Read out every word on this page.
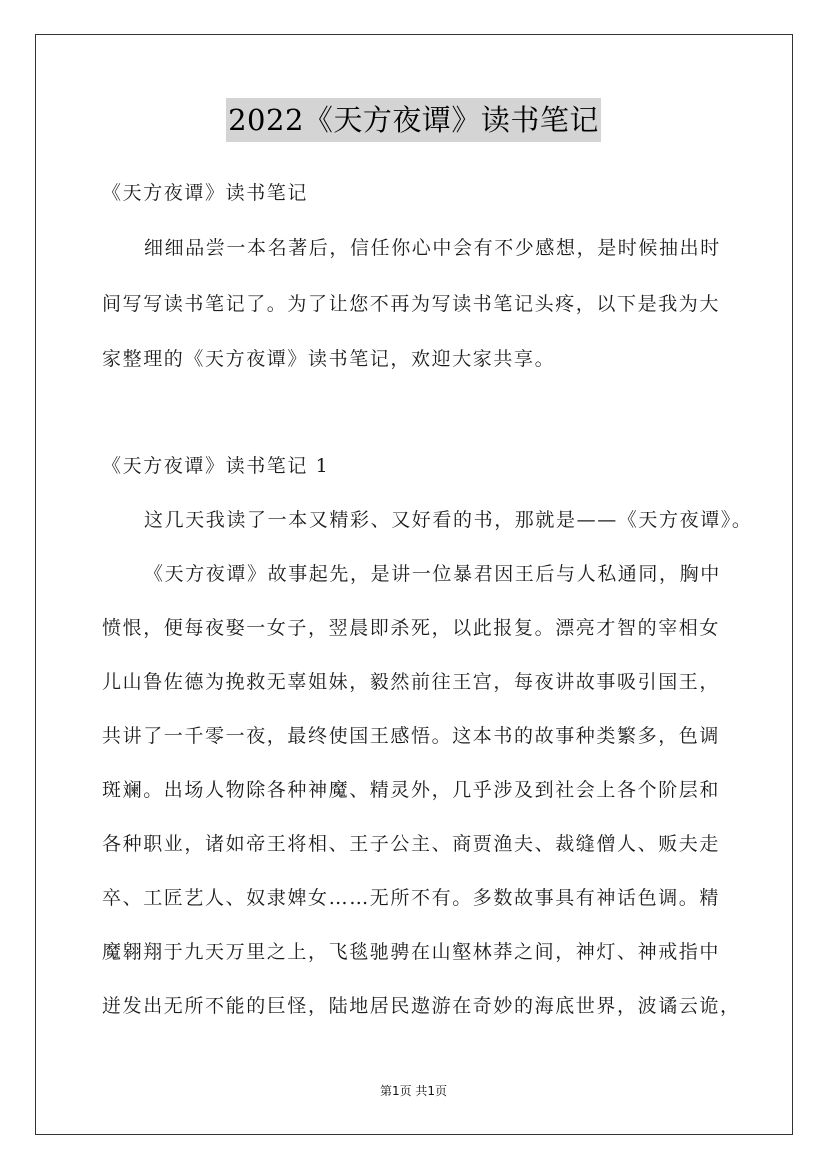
2022《天方夜谭》读书笔记
《天方夜谭》读书笔记
细细品尝一本名著后，信任你心中会有不少感想，是时候抽出时
间写写读书笔记了。为了让您不再为写读书笔记头疼，以下是我为大
家整理的《天方夜谭》读书笔记，欢迎大家共享。
《天方夜谭》读书笔记 1
这几天我读了一本又精彩、又好看的书，那就是——《天方夜谭》。
《天方夜谭》故事起先，是讲一位暴君因王后与人私通同，胸中
愤恨，便每夜娶一女子，翌晨即杀死，以此报复。漂亮才智的宰相女
儿山鲁佐德为挽救无辜姐妹，毅然前往王宫，每夜讲故事吸引国王，
共讲了一千零一夜，最终使国王感悟。这本书的故事种类繁多，色调
斑斓。出场人物除各种神魔、精灵外，几乎涉及到社会上各个阶层和
各种职业，诸如帝王将相、王子公主、商贾渔夫、裁缝僧人、贩夫走
卒、工匠艺人、奴隶婢女……无所不有。多数故事具有神话色调。精
魔翱翔于九天万里之上，飞毯驰骋在山壑林莽之间，神灯、神戒指中
迸发出无所不能的巨怪，陆地居民遨游在奇妙的海底世界，波谲云诡，
第1页 共1页
